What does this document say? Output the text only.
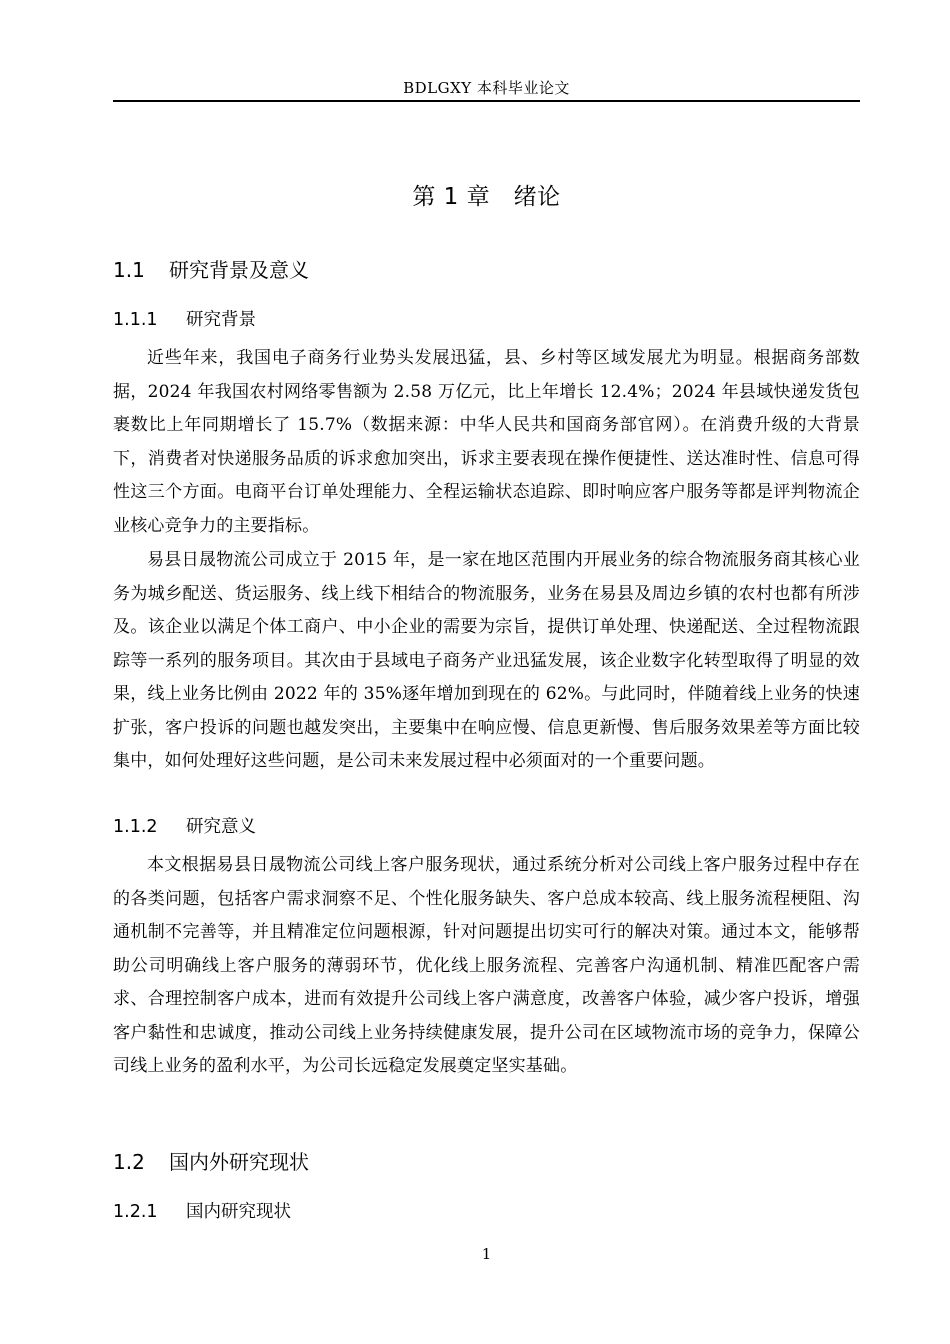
BDLGXY 本科毕业论文
第 1 章　绪论
1.1 研究背景及意义
1.1.1 研究背景

近些年来，我国电子商务行业势头发展迅猛，县、乡村等区域发展尤为明显。根据商务部数据，2024 年我国农村网络零售额为 2.58 万亿元，比上年增长 12.4%；2024 年县域快递发货包裹数比上年同期增长了 15.7%（数据来源：中华人民共和国商务部官网）。在消费升级的大背景下，消费者对快递服务品质的诉求愈加突出，诉求主要表现在操作便捷性、送达准时性、信息可得性这三个方面。电商平台订单处理能力、全程运输状态追踪、即时响应客户服务等都是评判物流企业核心竞争力的主要指标。

易县日晟物流公司成立于 2015 年，是一家在地区范围内开展业务的综合物流服务商其核心业务为城乡配送、货运服务、线上线下相结合的物流服务，业务在易县及周边乡镇的农村也都有所涉及。该企业以满足个体工商户、中小企业的需要为宗旨，提供订单处理、快递配送、全过程物流跟踪等一系列的服务项目。其次由于县域电子商务产业迅猛发展，该企业数字化转型取得了明显的效果，线上业务比例由 2022 年的 35%逐年增加到现在的 62%。与此同时，伴随着线上业务的快速扩张，客户投诉的问题也越发突出，主要集中在响应慢、信息更新慢、售后服务效果差等方面比较集中，如何处理好这些问题，是公司未来发展过程中必须面对的一个重要问题。

1.1.2 研究意义

本文根据易县日晟物流公司线上客户服务现状，通过系统分析对公司线上客户服务过程中存在的各类问题，包括客户需求洞察不足、个性化服务缺失、客户总成本较高、线上服务流程梗阻、沟通机制不完善等，并且精准定位问题根源，针对问题提出切实可行的解决对策。通过本文，能够帮助公司明确线上客户服务的薄弱环节，优化线上服务流程、完善客户沟通机制、精准匹配客户需求、合理控制客户成本，进而有效提升公司线上客户满意度，改善客户体验，减少客户投诉，增强客户黏性和忠诚度，推动公司线上业务持续健康发展，提升公司在区域物流市场的竞争力，保障公司线上业务的盈利水平，为公司长远稳定发展奠定坚实基础。

1.2 国内外研究现状
1.2.1 国内研究现状
1
